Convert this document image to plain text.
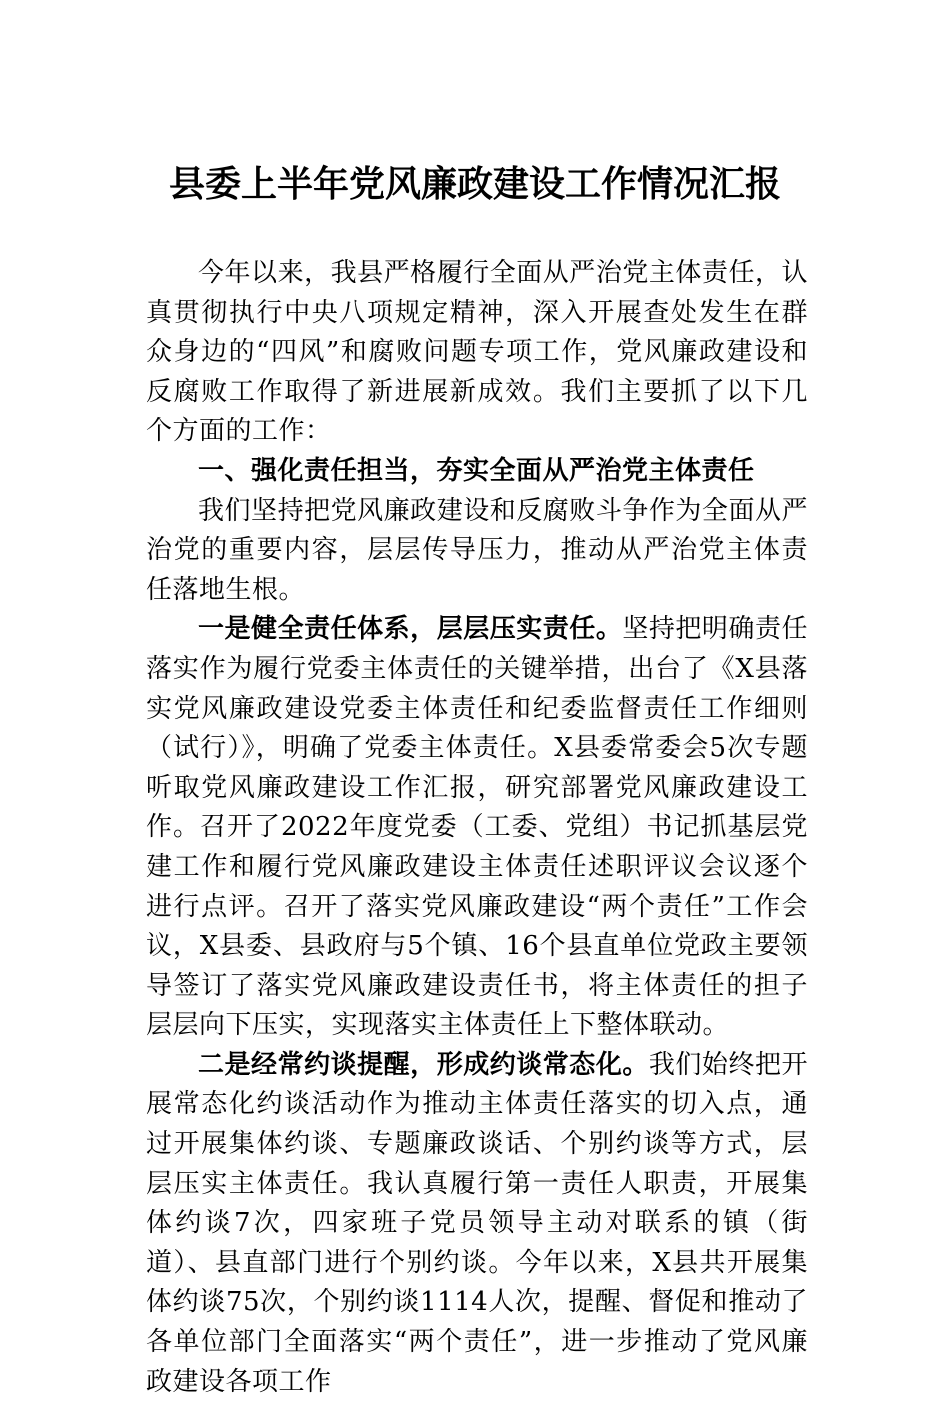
县委上半年党风廉政建设工作情况汇报

今年以来，我县严格履行全面从严治党主体责任，认真贯彻执行中央八项规定精神，深入开展查处发生在群众身边的“四风”和腐败问题专项工作，党风廉政建设和反腐败工作取得了新进展新成效。我们主要抓了以下几个方面的工作：

一、强化责任担当，夯实全面从严治党主体责任

我们坚持把党风廉政建设和反腐败斗争作为全面从严治党的重要内容，层层传导压力，推动从严治党主体责任落地生根。

一是健全责任体系，层层压实责任。坚持把明确责任落实作为履行党委主体责任的关键举措，出台了《X县落实党风廉政建设党委主体责任和纪委监督责任工作细则（试行）》，明确了党委主体责任。X县委常委会5次专题听取党风廉政建设工作汇报，研究部署党风廉政建设工作。召开了2022年度党委（工委、党组）书记抓基层党建工作和履行党风廉政建设主体责任述职评议会议逐个进行点评。召开了落实党风廉政建设“两个责任”工作会议，X县委、县政府与5个镇、16个县直单位党政主要领导签订了落实党风廉政建设责任书，将主体责任的担子层层向下压实，实现落实主体责任上下整体联动。

二是经常约谈提醒，形成约谈常态化。我们始终把开展常态化约谈活动作为推动主体责任落实的切入点，通过开展集体约谈、专题廉政谈话、个别约谈等方式，层层压实主体责任。我认真履行第一责任人职责，开展集体约谈7次，四家班子党员领导主动对联系的镇（街道）、县直部门进行个别约谈。今年以来，X县共开展集体约谈75次，个别约谈1114人次，提醒、督促和推动了各单位部门全面落实“两个责任”，进一步推动了党风廉政建设各项工作
